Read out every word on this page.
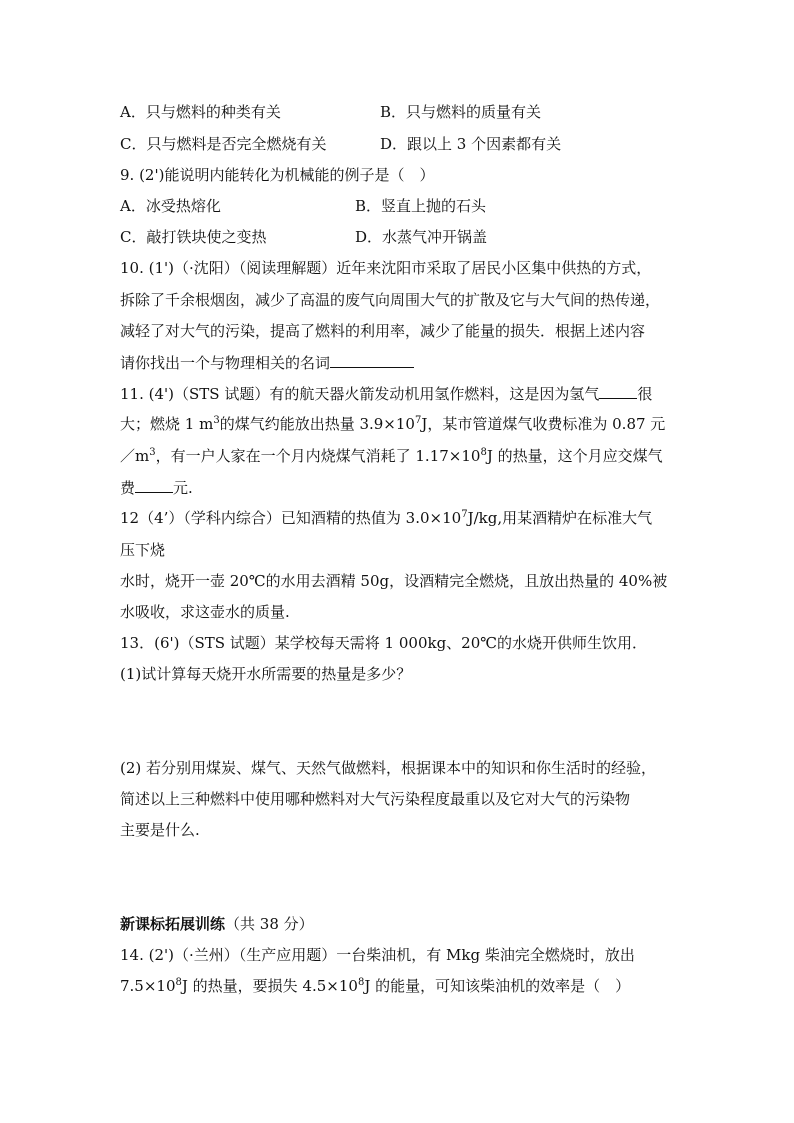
A．只与燃料的种类有关	B．只与燃料的质量有关
C．只与燃料是否完全燃烧有关	D．跟以上 3 个因素都有关
9. (2')能说明内能转化为机械能的例子是（　）
A．冰受热熔化	B．竖直上抛的石头
C．敲打铁块使之变热	D．水蒸气冲开锅盖
10. (1')（·沈阳）（阅读理解题）近年来沈阳市采取了居民小区集中供热的方式，
拆除了千余根烟囱，减少了高温的废气向周围大气的扩散及它与大气间的热传递，
减轻了对大气的污染，提高了燃料的利用率，减少了能量的损失．根据上述内容
请你找出一个与物理相关的名词
11. (4')（STS 试题）有的航天器火箭发动机用氢作燃料，这是因为氢气	很
大；燃烧 1 $m^3$的煤气约能放出热量 $3.9\times 10^7J$，某市管道煤气收费标准为 0.87 元
$/m^3$，有一户人家在一个月内烧煤气消耗了 $1.17\times 10^8J$ 的热量，这个月应交煤气
费	元.
12（4’）（学科内综合）已知酒精的热值为 $3.0\times 10^7J/kg$,用某酒精炉在标准大气
压下烧
水时，烧开一壶 20℃的水用去酒精 50g，设酒精完全燃烧，且放出热量的 40%被
水吸收，求这壶水的质量.
13．(6')（STS 试题）某学校每天需将 1 000kg、20℃的水烧开供师生饮用．
(1)试计算每天烧开水所需要的热量是多少？
(2) 若分别用煤炭、煤气、天然气做燃料，根据课本中的知识和你生活时的经验，
简述以上三种燃料中使用哪种燃料对大气污染程度最重以及它对大气的污染物
主要是什么.
新课标拓展训练（共 38 分）
14. (2')（·兰州）（生产应用题）一台柴油机，有 Mkg 柴油完全燃烧时，放出
$7.5\times 10^8J$ 的热量，要损失 $4.5\times 10^8J$ 的能量，可知该柴油机的效率是（　）
